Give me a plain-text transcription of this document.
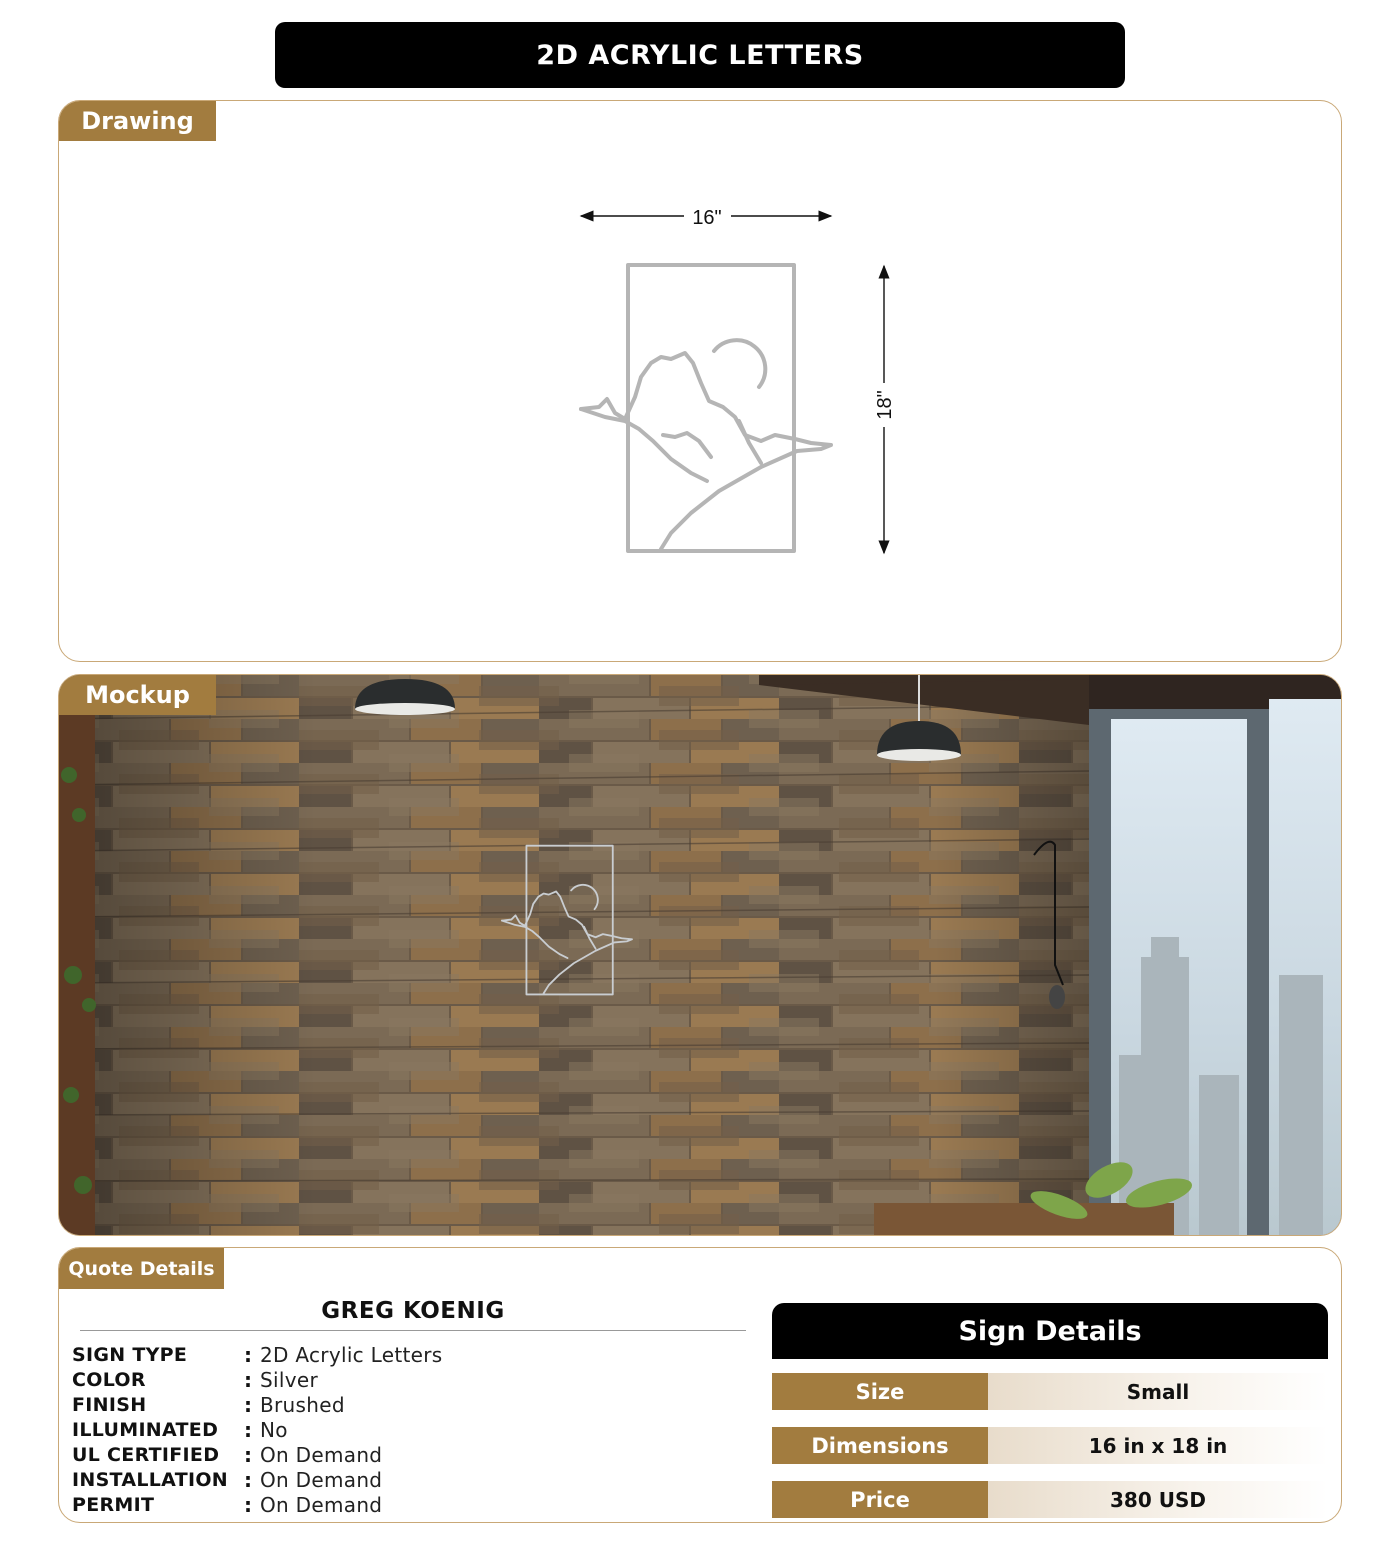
2D ACRYLIC LETTERS
Drawing
16"
18"
Mockup
Quote Details
GREG KOENIG
SIGN TYPE	: 2D Acrylic Letters
COLOR	: Silver
FINISH	: Brushed
ILLUMINATED	: No
UL CERTIFIED	: On Demand
INSTALLATION : On Demand
PERMIT	: On Demand
Sign Details
Size	Small
Dimensions	16 in x 18 in
Price	380 USD
